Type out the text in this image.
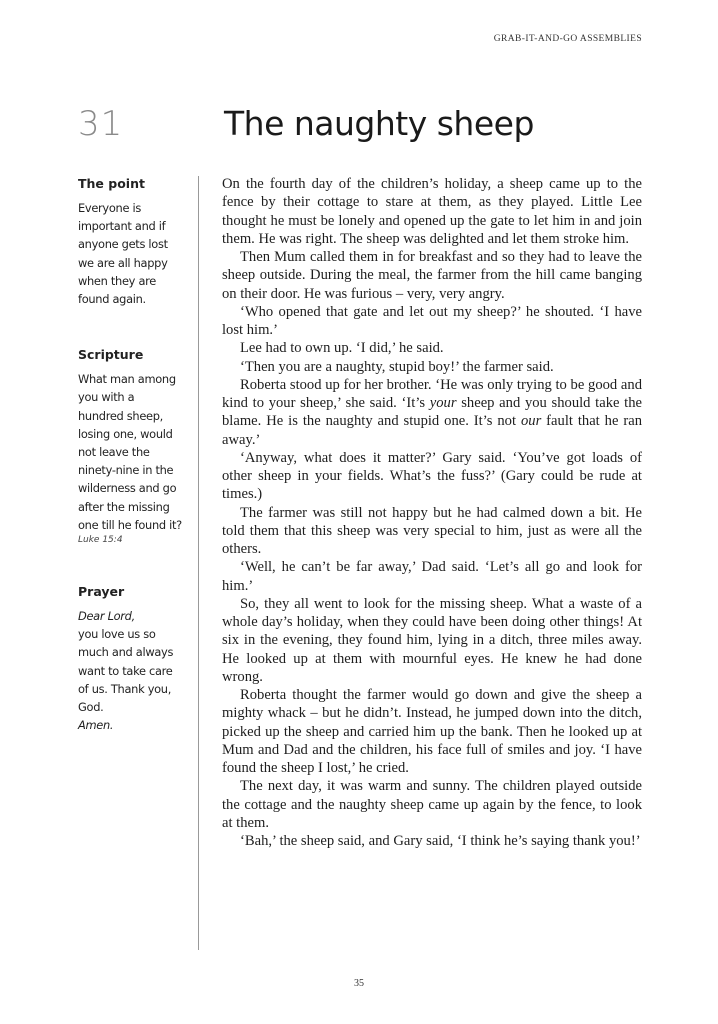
GRAB-IT-AND-GO ASSEMBLIES
31	The naughty sheep
The point
Everyone is
important and if
anyone gets lost
we are all happy
when they are
found again.
Scripture
What man among
you with a
hundred sheep,
losing one, would
not leave the
ninety-nine in the
wilderness and go
after the missing
one till he found it?
Luke 15:4
Prayer
Dear Lord,
you love us so
much and always
want to take care
of us. Thank you,
God.
Amen.

On the fourth day of the children’s holiday, a sheep came up to the fence by their cottage to stare at them, as they played. Little Lee thought he must be lonely and opened up the gate to let him in and join them. He was right. The sheep was delighted and let them stroke him.

Then Mum called them in for breakfast and so they had to leave the sheep outside. During the meal, the farmer from the hill came banging on their door. He was furious – very, very angry.

‘Who opened that gate and let out my sheep?’ he shouted. ‘I have lost him.’

Lee had to own up. ‘I did,’ he said.

‘Then you are a naughty, stupid boy!’ the farmer said.

Roberta stood up for her brother. ‘He was only trying to be good and kind to your sheep,’ she said. ‘It’s your sheep and you should take the blame. He is the naughty and stupid one. It’s not our fault that he ran away.’

‘Anyway, what does it matter?’ Gary said. ‘You’ve got loads of other sheep in your fields. What’s the fuss?’ (Gary could be rude at times.)

The farmer was still not happy but he had calmed down a bit. He told them that this sheep was very special to him, just as were all the others.

‘Well, he can’t be far away,’ Dad said. ‘Let’s all go and look for him.’

So, they all went to look for the missing sheep. What a waste of a whole day’s holiday, when they could have been doing other things! At six in the evening, they found him, lying in a ditch, three miles away. He looked up at them with mournful eyes. He knew he had done wrong.

Roberta thought the farmer would go down and give the sheep a mighty whack – but he didn’t. Instead, he jumped down into the ditch, picked up the sheep and carried him up the bank. Then he looked up at Mum and Dad and the children, his face full of smiles and joy. ‘I have found the sheep I lost,’ he cried.

The next day, it was warm and sunny. The children played outside the cottage and the naughty sheep came up again by the fence, to look at them.

‘Bah,’ the sheep said, and Gary said, ‘I think he’s saying thank you!’

35
